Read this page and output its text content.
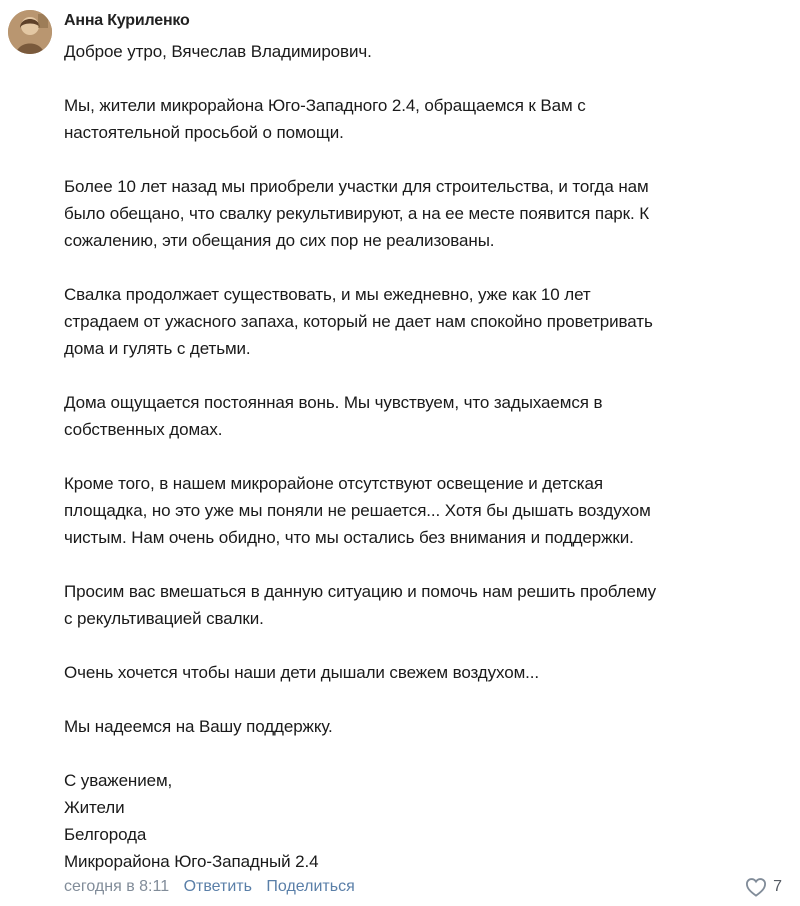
Анна Куриленко

Доброе утро, Вячеслав Владимирович.

Мы, жители микрорайона Юго-Западного 2.4, обращаемся к Вам с
настоятельной просьбой о помощи.

Более 10 лет назад мы приобрели участки для строительства, и тогда нам
было обещано, что свалку рекультивируют, а на ее месте появится парк. К
сожалению, эти обещания до сих пор не реализованы.

Свалка продолжает существовать, и мы ежедневно, уже как 10 лет
страдаем от ужасного запаха, который не дает нам спокойно проветривать
дома и гулять с детьми.

Дома ощущается постоянная вонь. Мы чувствуем, что задыхаемся в
собственных домах.

Кроме того, в нашем микрорайоне отсутствуют освещение и детская
площадка, но это уже мы поняли не решается... Хотя бы дышать воздухом
чистым. Нам очень обидно, что мы остались без внимания и поддержки.

Просим вас вмешаться в данную ситуацию и помочь нам решить проблему
с рекультивацией свалки.

Очень хочется чтобы наши дети дышали свежем воздухом...

Мы надеемся на Вашу поддержку.

С уважением,
Жители
Белгорода
Микрорайона Юго-Западный 2.4

сегодня в 8:11 Ответить Поделиться	7
